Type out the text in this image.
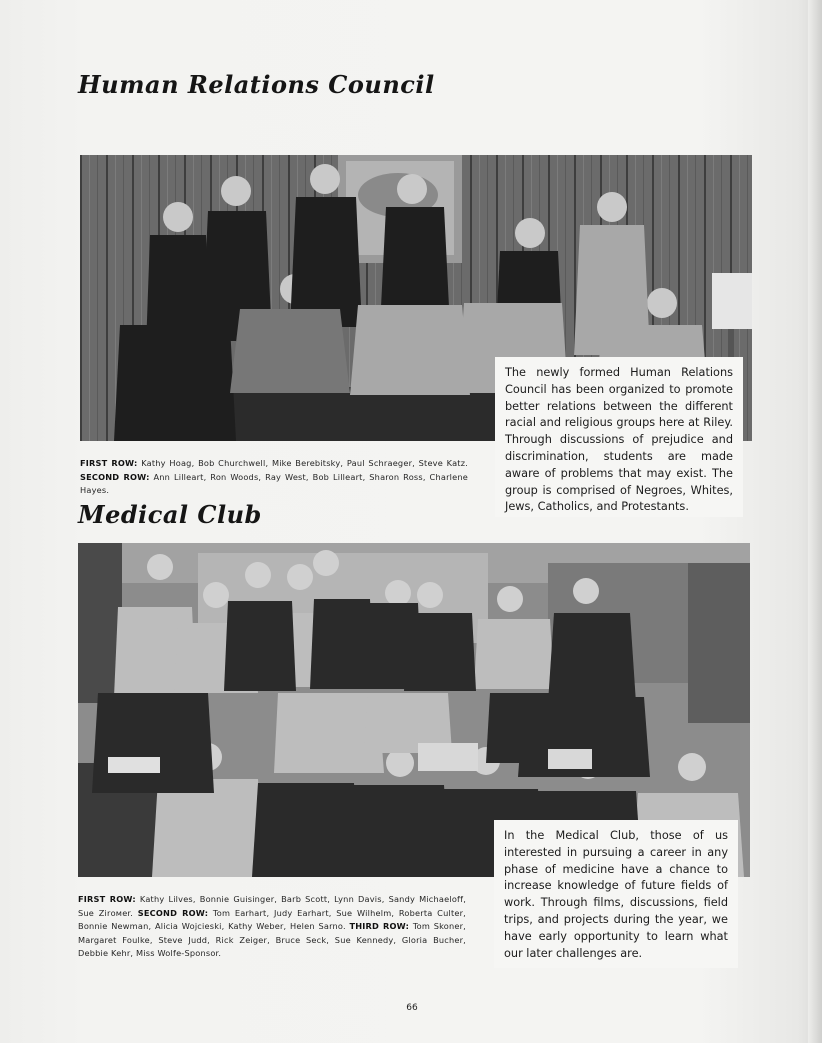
Human Relations Council

The newly formed Human Relations Council has been organized to promote better relations between the different racial and religious groups here at Riley. Through discussions of prejudice and discrimination, students are made aware of problems that may exist. The group is comprised of Negroes, Whites, Jews, Catholics, and Protestants.

FIRST ROW: Kathy Hoag, Bob Churchwell, Mike Berebitsky, Paul Schraeger, Steve Katz. SECOND ROW: Ann Lilleart, Ron Woods, Ray West, Bob Lilleart, Sharon Ross, Charlene Hayes.

Medical Club

In the Medical Club, those of us interested in pursuing a career in any phase of medicine have a chance to increase knowledge of future fields of work. Through films, discussions, field trips, and projects during the year, we have early opportunity to learn what our later challenges are.

FIRST ROW: Kathy Lilves, Bonnie Guisinger, Barb Scott, Lynn Davis, Sandy Michaeloff, Sue Zirомer. SECOND ROW: Tom Earhart, Judy Earhart, Sue Wilhelm, Roberta Culter, Bonnie Newman, Alicia Wojcieski, Kathy Weber, Helen Sarno. THIRD ROW: Tom Skoner, Margaret Foulke, Steve Judd, Rick Zeiger, Bruce Seck, Sue Kennedy, Gloria Bucher, Debbie Kehr, Miss Wolfe-Sponsor.

66
